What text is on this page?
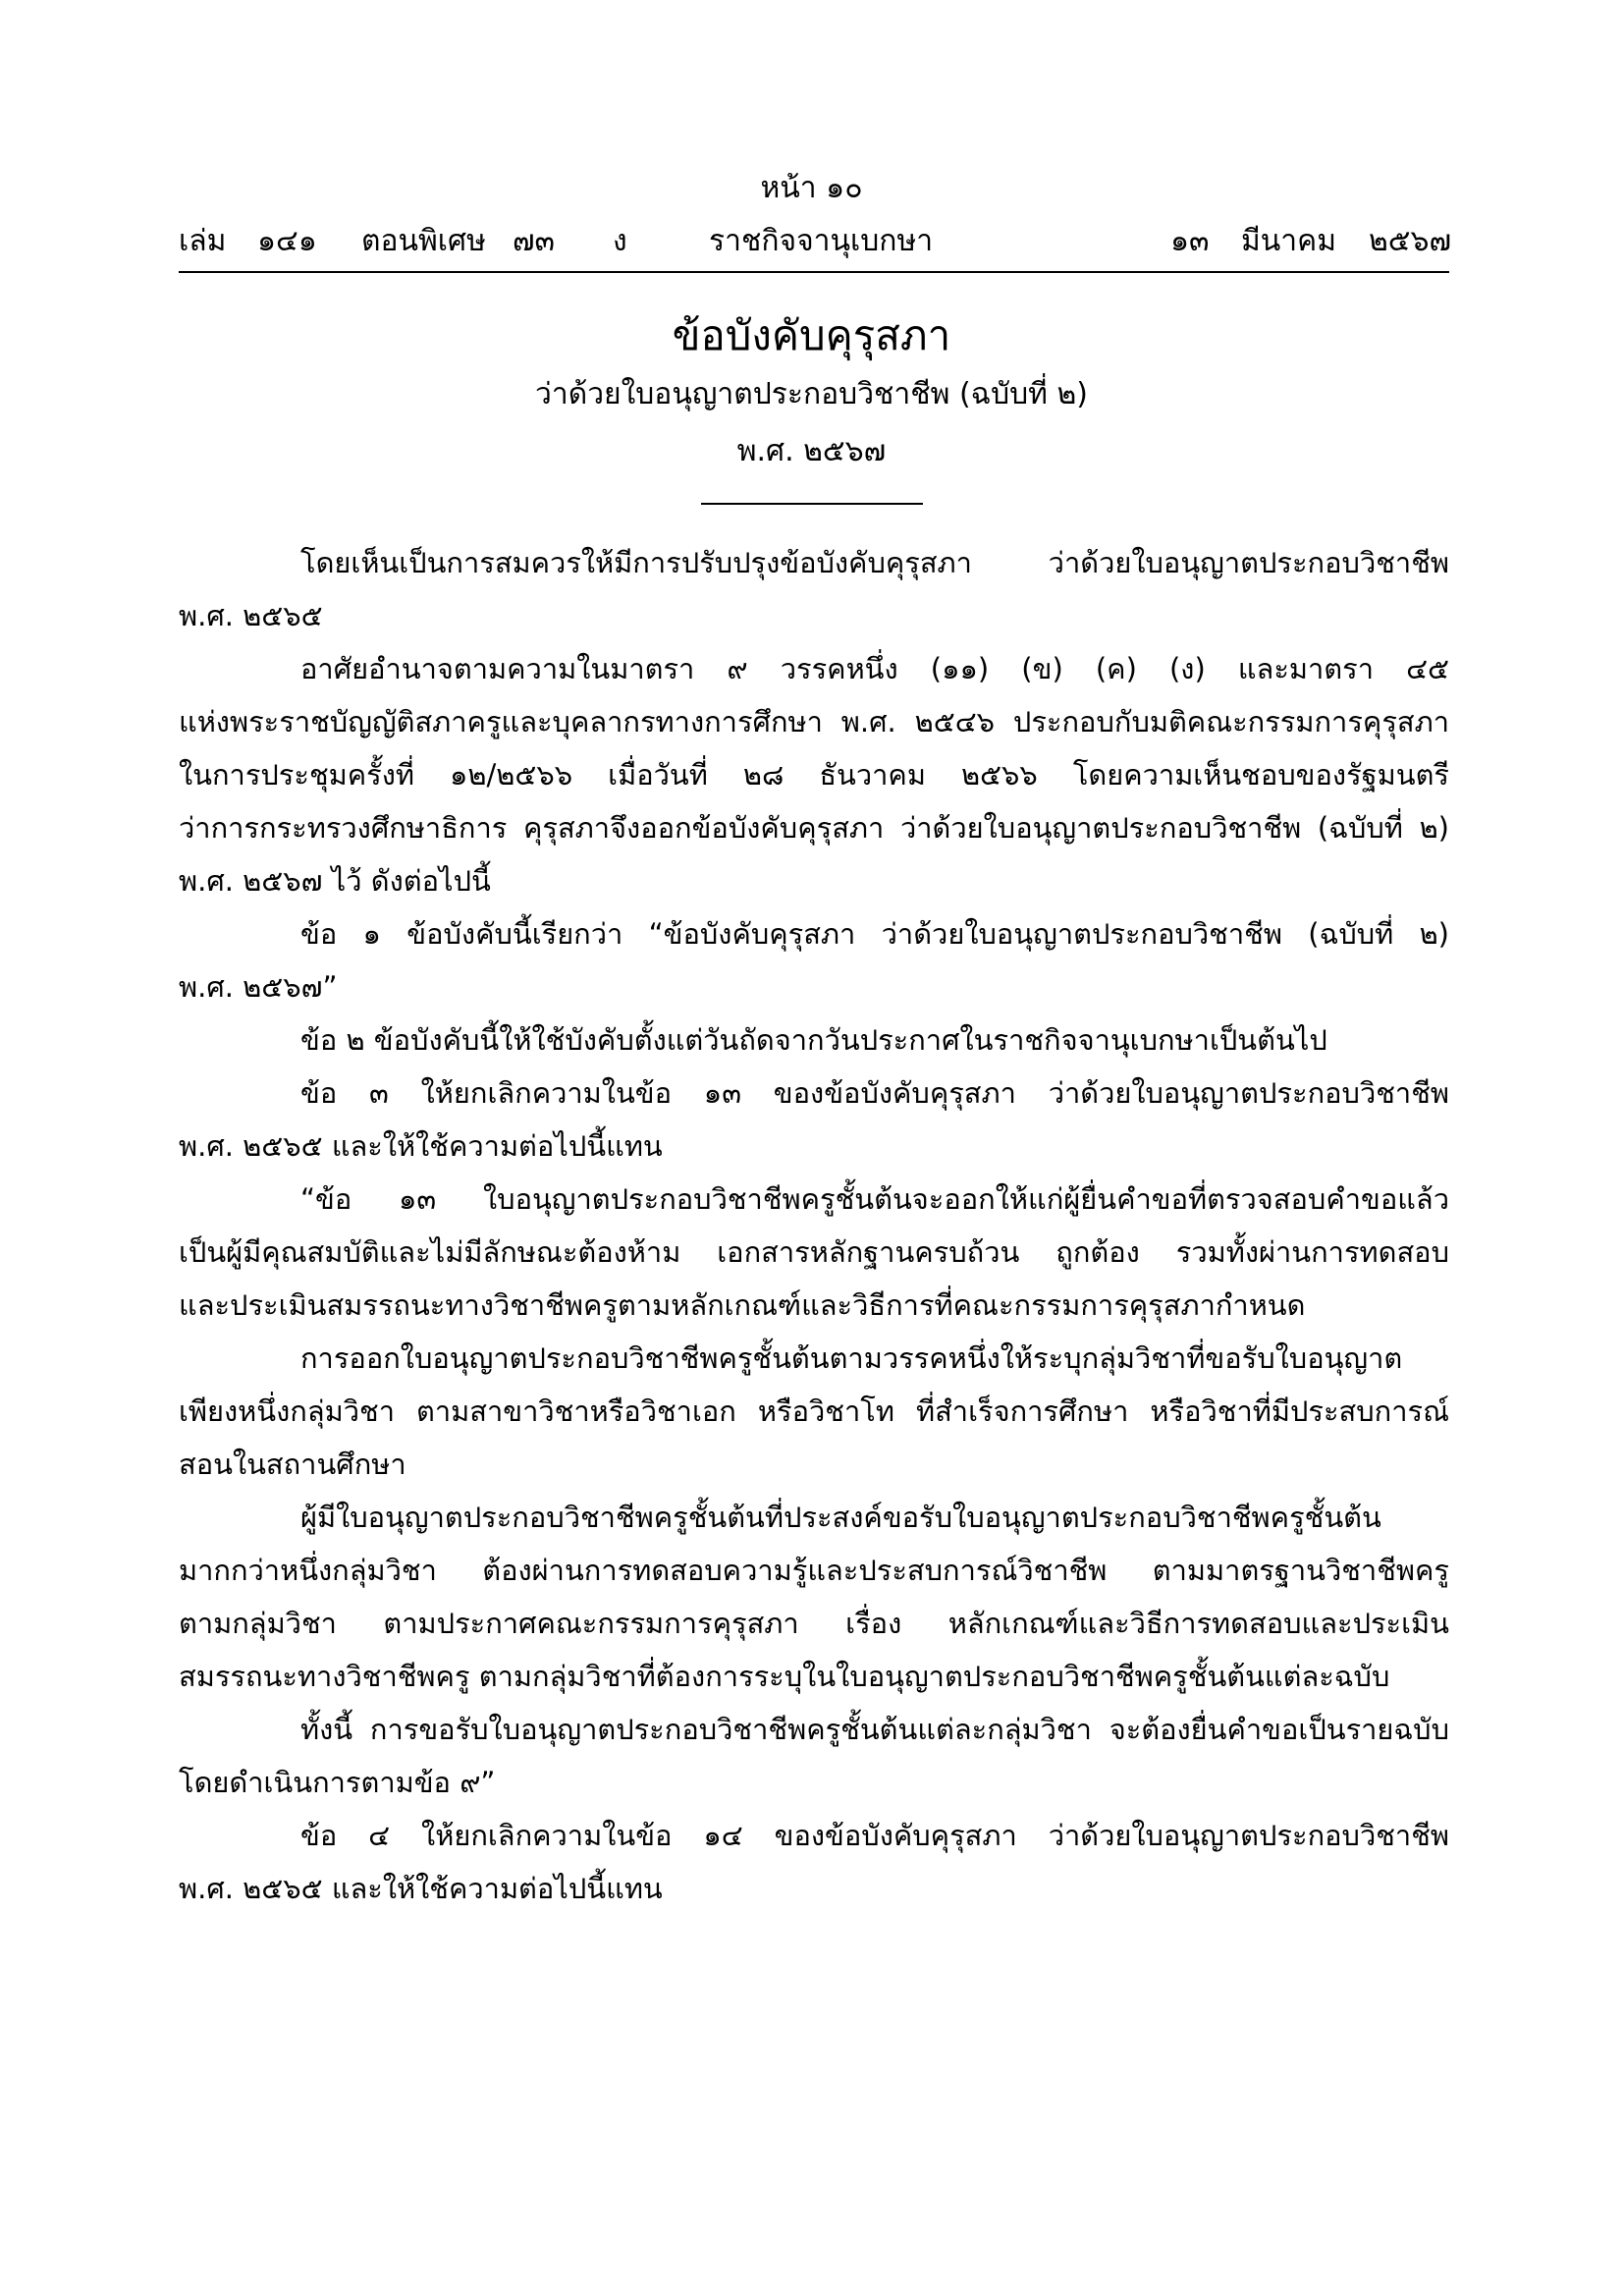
หน้า ๑๐
เล่ม ๑๔๑ ตอนพิเศษ ๗๓ ง	ราชกิจจานุเบกษา	๑๓ มีนาคม ๒๕๖๗
ข้อบังคับคุรุสภา
ว่าด้วยใบอนุญาตประกอบวิชาชีพ (ฉบับที่ ๒)
พ.ศ. ๒๕๖๗
โดยเห็นเป็นการสมควรให้มีการปรับปรุงข้อบังคับคุรุสภา ว่าด้วยใบอนุญาตประกอบวิชาชีพ
พ.ศ. ๒๕๖๕
อาศัยอำนาจตามความในมาตรา ๙ วรรคหนึ่ง (๑๑) (ข) (ค) (ง) และมาตรา ๔๕
แห่งพระราชบัญญัติสภาครูและบุคลากรทางการศึกษา พ.ศ. ๒๕๔๖ ประกอบกับมติคณะกรรมการคุรุสภา
ในการประชุมครั้งที่ ๑๒/๒๕๖๖ เมื่อวันที่ ๒๘ ธันวาคม ๒๕๖๖ โดยความเห็นชอบของรัฐมนตรี
ว่าการกระทรวงศึกษาธิการ คุรุสภาจึงออกข้อบังคับคุรุสภา ว่าด้วยใบอนุญาตประกอบวิชาชีพ (ฉบับที่ ๒)
พ.ศ. ๒๕๖๗ ไว้ ดังต่อไปนี้
ข้อ ๑ ข้อบังคับนี้เรียกว่า “ข้อบังคับคุรุสภา ว่าด้วยใบอนุญาตประกอบวิชาชีพ (ฉบับที่ ๒)
พ.ศ. ๒๕๖๗”
ข้อ ๒ ข้อบังคับนี้ให้ใช้บังคับตั้งแต่วันถัดจากวันประกาศในราชกิจจานุเบกษาเป็นต้นไป
ข้อ ๓ ให้ยกเลิกความในข้อ ๑๓ ของข้อบังคับคุรุสภา ว่าด้วยใบอนุญาตประกอบวิชาชีพ
พ.ศ. ๒๕๖๕ และให้ใช้ความต่อไปนี้แทน
“ข้อ ๑๓ ใบอนุญาตประกอบวิชาชีพครูชั้นต้นจะออกให้แก่ผู้ยื่นคำขอที่ตรวจสอบคำขอแล้ว
เป็นผู้มีคุณสมบัติและไม่มีลักษณะต้องห้าม เอกสารหลักฐานครบถ้วน ถูกต้อง รวมทั้งผ่านการทดสอบ
และประเมินสมรรถนะทางวิชาชีพครูตามหลักเกณฑ์และวิธีการที่คณะกรรมการคุรุสภากำหนด
การออกใบอนุญาตประกอบวิชาชีพครูชั้นต้นตามวรรคหนึ่งให้ระบุกลุ่มวิชาที่ขอรับใบอนุญาต
เพียงหนึ่งกลุ่มวิชา ตามสาขาวิชาหรือวิชาเอก หรือวิชาโท ที่สำเร็จการศึกษา หรือวิชาที่มีประสบการณ์
สอนในสถานศึกษา
ผู้มีใบอนุญาตประกอบวิชาชีพครูชั้นต้นที่ประสงค์ขอรับใบอนุญาตประกอบวิชาชีพครูชั้นต้น
มากกว่าหนึ่งกลุ่มวิชา ต้องผ่านการทดสอบความรู้และประสบการณ์วิชาชีพ ตามมาตรฐานวิชาชีพครู
ตามกลุ่มวิชา ตามประกาศคณะกรรมการคุรุสภา เรื่อง หลักเกณฑ์และวิธีการทดสอบและประเมิน
สมรรถนะทางวิชาชีพครู ตามกลุ่มวิชาที่ต้องการระบุในใบอนุญาตประกอบวิชาชีพครูชั้นต้นแต่ละฉบับ
ทั้งนี้ การขอรับใบอนุญาตประกอบวิชาชีพครูชั้นต้นแต่ละกลุ่มวิชา จะต้องยื่นคำขอเป็นรายฉบับ
โดยดำเนินการตามข้อ ๙”
ข้อ ๔ ให้ยกเลิกความในข้อ ๑๔ ของข้อบังคับคุรุสภา ว่าด้วยใบอนุญาตประกอบวิชาชีพ
พ.ศ. ๒๕๖๕ และให้ใช้ความต่อไปนี้แทน
